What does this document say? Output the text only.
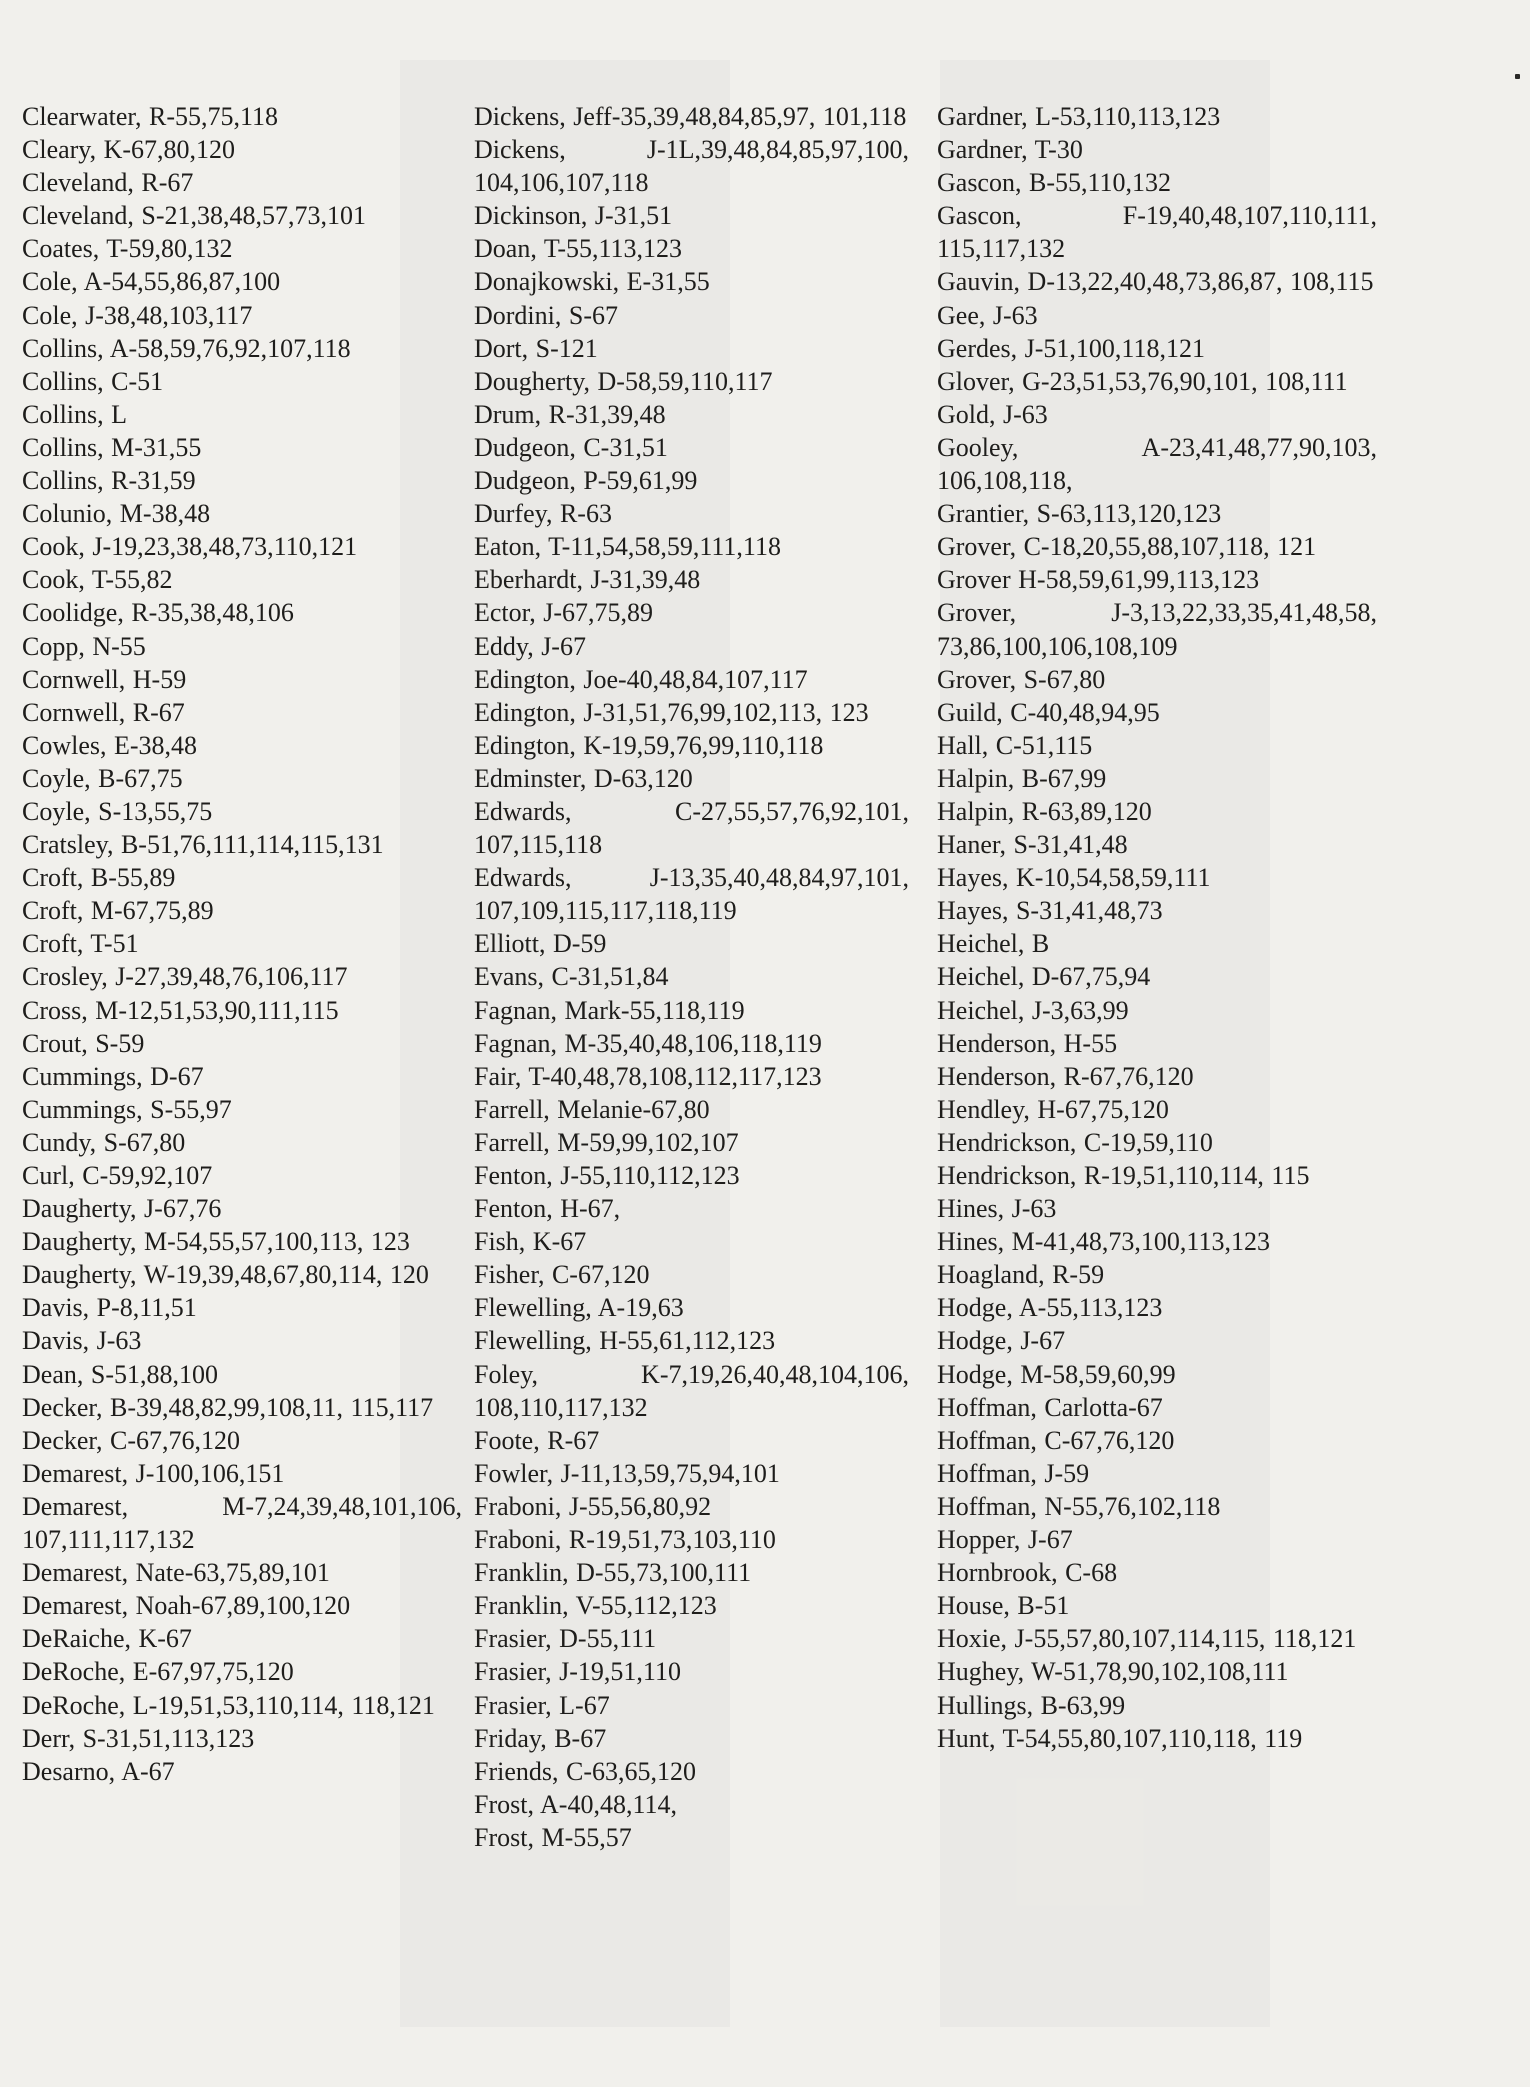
Clearwater, R-55,75,118
Cleary, K-67,80,120
Cleveland, R-67
Cleveland, S-21,38,48,57,73,101
Coates, T-59,80,132
Cole, A-54,55,86,87,100
Cole, J-38,48,103,117
Collins, A-58,59,76,92,107,118
Collins, C-51
Collins, L
Collins, M-31,55
Collins, R-31,59
Colunio, M-38,48
Cook, J-19,23,38,48,73,110,121
Cook, T-55,82
Coolidge, R-35,38,48,106
Copp, N-55
Cornwell, H-59
Cornwell, R-67
Cowles, E-38,48
Coyle, B-67,75
Coyle, S-13,55,75
Cratsley, B-51,76,111,114,115,131
Croft, B-55,89
Croft, M-67,75,89
Croft, T-51
Crosley, J-27,39,48,76,106,117
Cross, M-12,51,53,90,111,115
Crout, S-59
Cummings, D-67
Cummings, S-55,97
Cundy, S-67,80
Curl, C-59,92,107
Daugherty, J-67,76
Daugherty, M-54,55,57,100,113, 123
Daugherty, W-19,39,48,67,80,114, 120
Davis, P-8,11,51
Davis, J-63
Dean, S-51,88,100
Decker, B-39,48,82,99,108,11, 115,117
Decker, C-67,76,120
Demarest, J-100,106,151
Demarest, M-7,24,39,48,101,106, 107,111,117,132
Demarest, Nate-63,75,89,101
Demarest, Noah-67,89,100,120
DeRaiche, K-67
DeRoche, E-67,97,75,120
DeRoche, L-19,51,53,110,114, 118,121
Derr, S-31,51,113,123
Desarno, A-67
Dickens, Jeff-35,39,48,84,85,97, 101,118
Dickens, J-1L,39,48,84,85,97,100, 104,106,107,118
Dickinson, J-31,51
Doan, T-55,113,123
Donajkowski, E-31,55
Dordini, S-67
Dort, S-121
Dougherty, D-58,59,110,117
Drum, R-31,39,48
Dudgeon, C-31,51
Dudgeon, P-59,61,99
Durfey, R-63
Eaton, T-11,54,58,59,111,118
Eberhardt, J-31,39,48
Ector, J-67,75,89
Eddy, J-67
Edington, Joe-40,48,84,107,117
Edington, J-31,51,76,99,102,113, 123
Edington, K-19,59,76,99,110,118
Edminster, D-63,120
Edwards, C-27,55,57,76,92,101, 107,115,118
Edwards, J-13,35,40,48,84,97,101, 107,109,115,117,118,119
Elliott, D-59
Evans, C-31,51,84
Fagnan, Mark-55,118,119
Fagnan, M-35,40,48,106,118,119
Fair, T-40,48,78,108,112,117,123
Farrell, Melanie-67,80
Farrell, M-59,99,102,107
Fenton, J-55,110,112,123
Fenton, H-67,
Fish, K-67
Fisher, C-67,120
Flewelling, A-19,63
Flewelling, H-55,61,112,123
Foley, K-7,19,26,40,48,104,106, 108,110,117,132
Foote, R-67
Fowler, J-11,13,59,75,94,101
Fraboni, J-55,56,80,92
Fraboni, R-19,51,73,103,110
Franklin, D-55,73,100,111
Franklin, V-55,112,123
Frasier, D-55,111
Frasier, J-19,51,110
Frasier, L-67
Friday, B-67
Friends, C-63,65,120
Frost, A-40,48,114,
Frost, M-55,57
Gardner, L-53,110,113,123
Gardner, T-30
Gascon, B-55,110,132
Gascon, F-19,40,48,107,110,111, 115,117,132
Gauvin, D-13,22,40,48,73,86,87, 108,115
Gee, J-63
Gerdes, J-51,100,118,121
Glover, G-23,51,53,76,90,101, 108,111
Gold, J-63
Gooley, A-23,41,48,77,90,103, 106,108,118,
Grantier, S-63,113,120,123
Grover, C-18,20,55,88,107,118, 121
Grover H-58,59,61,99,113,123
Grover, J-3,13,22,33,35,41,48,58, 73,86,100,106,108,109
Grover, S-67,80
Guild, C-40,48,94,95
Hall, C-51,115
Halpin, B-67,99
Halpin, R-63,89,120
Haner, S-31,41,48
Hayes, K-10,54,58,59,111
Hayes, S-31,41,48,73
Heichel, B
Heichel, D-67,75,94
Heichel, J-3,63,99
Henderson, H-55
Henderson, R-67,76,120
Hendley, H-67,75,120
Hendrickson, C-19,59,110
Hendrickson, R-19,51,110,114, 115
Hines, J-63
Hines, M-41,48,73,100,113,123
Hoagland, R-59
Hodge, A-55,113,123
Hodge, J-67
Hodge, M-58,59,60,99
Hoffman, Carlotta-67
Hoffman, C-67,76,120
Hoffman, J-59
Hoffman, N-55,76,102,118
Hopper, J-67
Hornbrook, C-68
House, B-51
Hoxie, J-55,57,80,107,114,115, 118,121
Hughey, W-51,78,90,102,108,111
Hullings, B-63,99
Hunt, T-54,55,80,107,110,118, 119
